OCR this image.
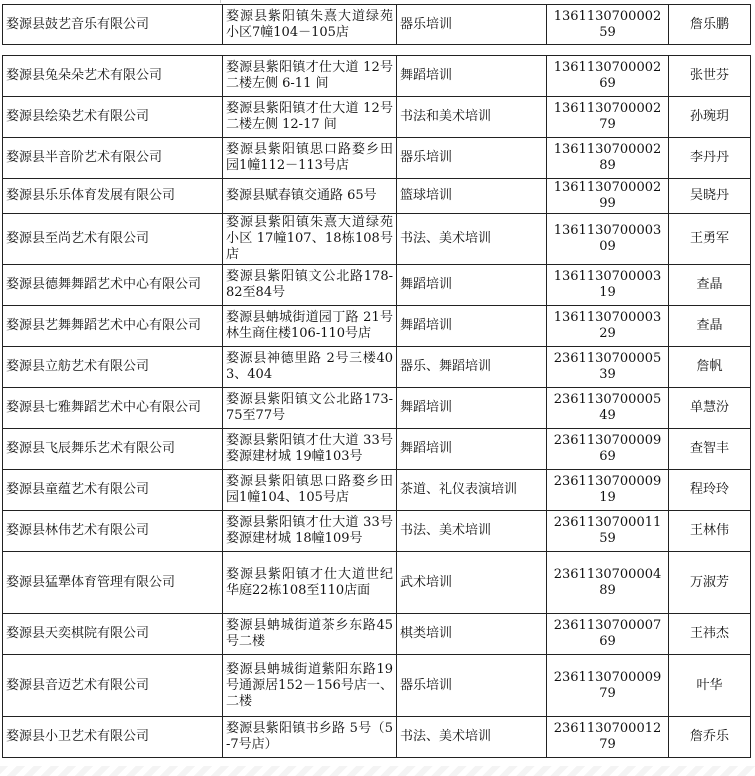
婺源县鼓艺音乐有限公司	婺源县紫阳镇朱熹大道绿苑小区7幢104－105店	器乐培训	136113070000259	詹乐鹏
婺源县兔朵朵艺术有限公司	婺源县紫阳镇才仕大道 12号二楼左侧 6-11 间	舞蹈培训	136113070000269	张世芬
婺源县绘染艺术有限公司	婺源县紫阳镇才仕大道 12号二楼左侧 12-17 间	书法和美术培训	136113070000279	孙琬玥
婺源县半音阶艺术有限公司	婺源县紫阳镇思口路婺乡田园1幢112－113号店	器乐培训	136113070000289	李丹丹
婺源县乐乐体育发展有限公司	婺源县赋春镇交通路 65号	篮球培训	136113070000299	吴晓丹
婺源县至尚艺术有限公司	婺源县紫阳镇朱熹大道绿苑小区 17幢107、18栋108号店	书法、美术培训	136113070000309	王勇军
婺源县德舞舞蹈艺术中心有限公司	婺源县紫阳镇文公北路178-82至84号	舞蹈培训	136113070000319	查晶
婺源县艺舞舞蹈艺术中心有限公司	婺源县蚺城街道园丁路 21号林生商住楼106-110号店	舞蹈培训	136113070000329	查晶
婺源县立舫艺术有限公司	婺源县神德里路 2号三楼403、404	器乐、舞蹈培训	236113070000539	詹帆
婺源县七雅舞蹈艺术中心有限公司	婺源县紫阳镇文公北路173-75至77号	舞蹈培训	236113070000549	单慧汾
婺源县飞辰舞乐艺术有限公司	婺源县紫阳镇才仕大道 33号婺源建材城 19幢103号	舞蹈培训	236113070000969	查智丰
婺源县童蕴艺术有限公司	婺源县紫阳镇思口路婺乡田园1幢104、105号店	茶道、礼仪表演培训	236113070000919	程玲玲
婺源县林伟艺术有限公司	婺源县紫阳镇才仕大道 33号婺源建材城 18幢109号	书法、美术培训	236113070001159	王林伟
婺源县猛犟体育管理有限公司	婺源县紫阳镇才仕大道世纪华庭22栋108至110店面	武术培训	236113070000489	万淑芳
婺源县天奕棋院有限公司	婺源县蚺城街道茶乡东路45号二楼	棋类培训	236113070000769	王祎杰
婺源县音迈艺术有限公司	婺源县蚺城街道紫阳东路19号通源居152－156号店一、二楼	器乐培训	236113070000979	叶华
婺源县小卫艺术有限公司	婺源县紫阳镇书乡路 5号（5-7号店）	书法、美术培训	236113070001279	詹乔乐
